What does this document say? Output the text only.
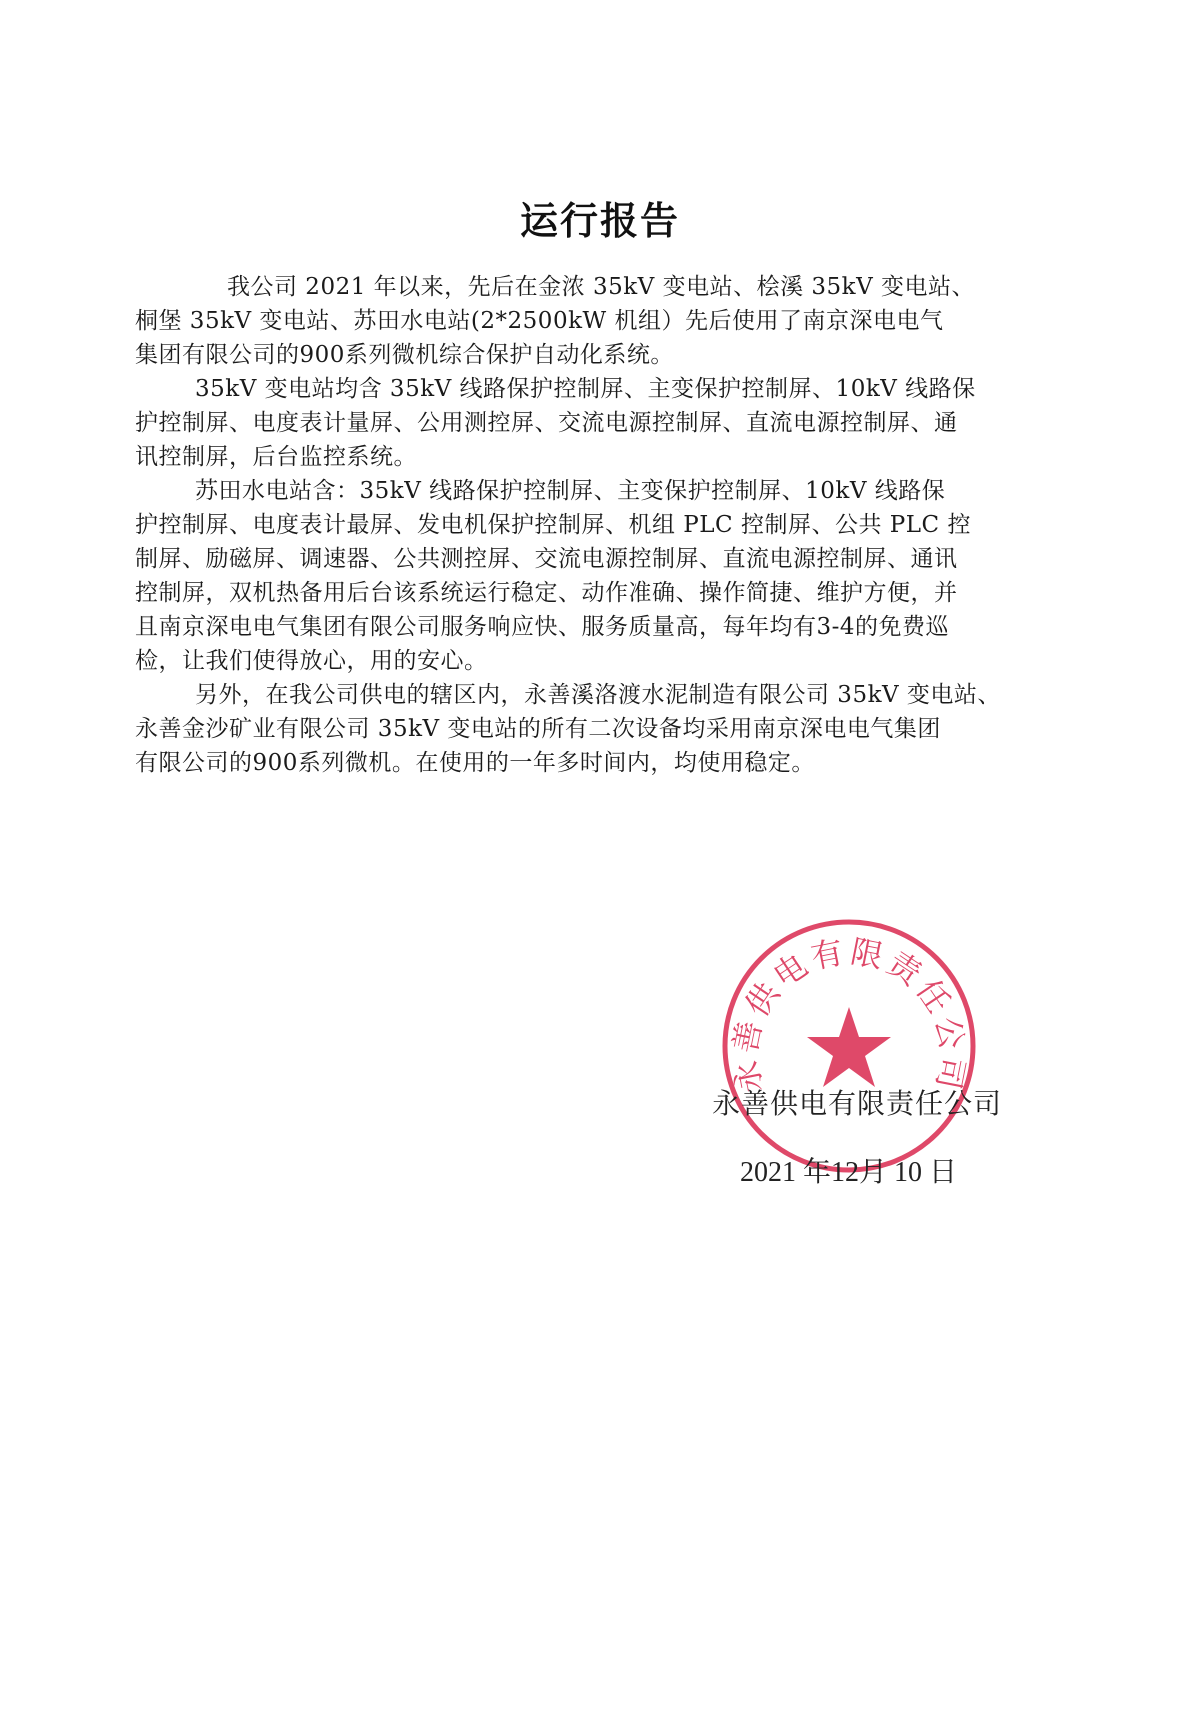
运行报告
我公司 2021 年以来，先后在金浓 35kV 变电站、桧溪 35kV 变电站、
桐堡 35kV 变电站、苏田水电站(2*2500kW 机组）先后使用了南京深电电气
集团有限公司的900系列微机综合保护自动化系统。
35kV 变电站均含 35kV 线路保护控制屏、主变保护控制屏、10kV 线路保
护控制屏、电度表计量屏、公用测控屏、交流电源控制屏、直流电源控制屏、通
讯控制屏，后台监控系统。
苏田水电站含：35kV 线路保护控制屏、主变保护控制屏、10kV 线路保
护控制屏、电度表计最屏、发电机保护控制屏、机组 PLC 控制屏、公共 PLC 控
制屏、励磁屏、调速器、公共测控屏、交流电源控制屏、直流电源控制屏、通讯
控制屏，双机热备用后台该系统运行稳定、动作准确、操作简捷、维护方便，并
且南京深电电气集团有限公司服务响应快、服务质量高，每年均有3-4的免费巡
检，让我们使得放心，用的安心。
另外，在我公司供电的辖区内，永善溪洛渡水泥制造有限公司 35kV 变电站、
永善金沙矿业有限公司 35kV 变电站的所有二次设备均采用南京深电电气集团
有限公司的900系列微机。在使用的一年多时间内，均使用稳定。
永善供电有限责任公司
永善供电有限责任公司
2021 年12月 10 日
